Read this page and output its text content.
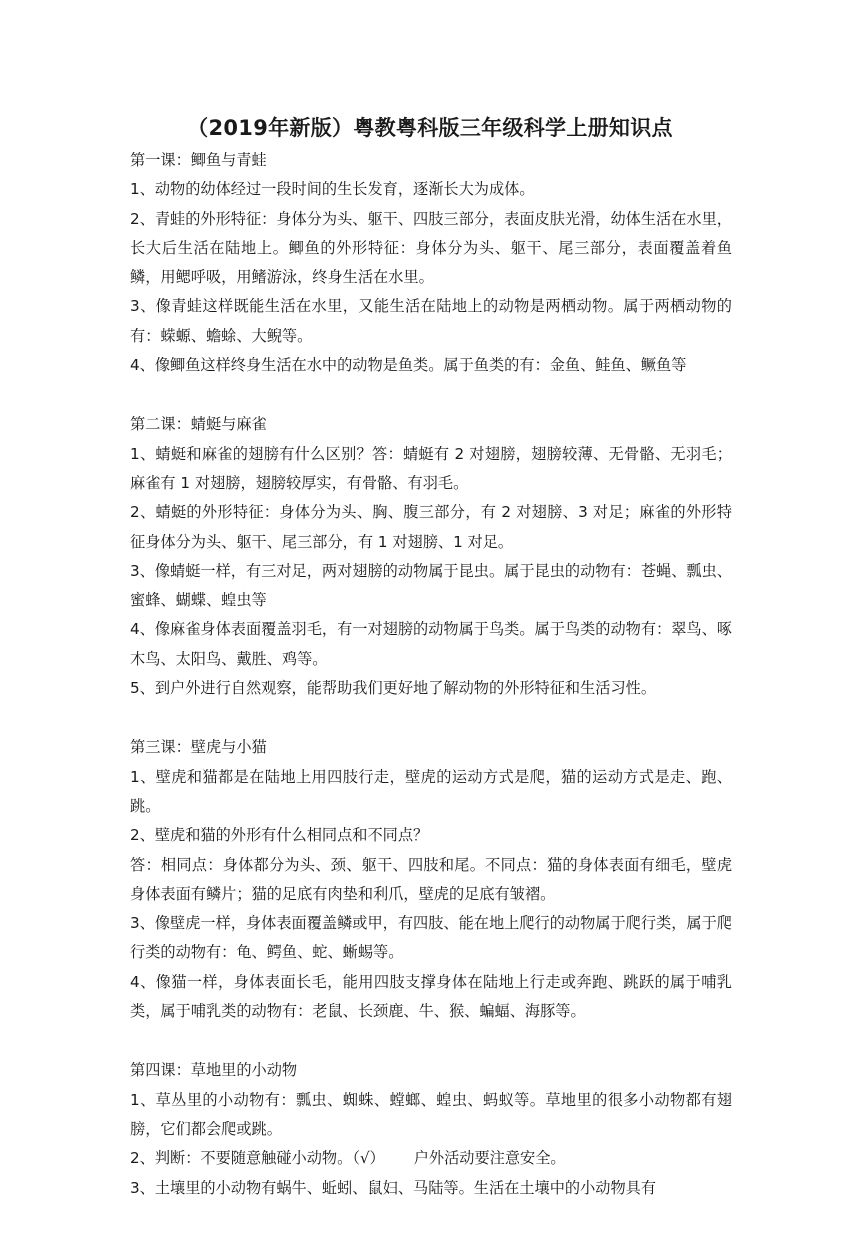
（2019年新版）粤教粤科版三年级科学上册知识点

第一课：鲫鱼与青蛙

1、动物的幼体经过一段时间的生长发育，逐渐长大为成体。

2、青蛙的外形特征：身体分为头、躯干、四肢三部分，表面皮肤光滑，幼体生活在水里，长大后生活在陆地上。鲫鱼的外形特征：身体分为头、躯干、尾三部分，表面覆盖着鱼鳞，用鳃呼吸，用鳍游泳，终身生活在水里。

3、像青蛙这样既能生活在水里，又能生活在陆地上的动物是两栖动物。属于两栖动物的有：蝾螈、蟾蜍、大鲵等。

4、像鲫鱼这样终身生活在水中的动物是鱼类。属于鱼类的有：金鱼、鲑鱼、鳜鱼等

第二课：蜻蜓与麻雀

1、蜻蜓和麻雀的翅膀有什么区别？答：蜻蜓有 2 对翅膀，翅膀较薄、无骨骼、无羽毛；麻雀有 1 对翅膀，翅膀较厚实，有骨骼、有羽毛。

2、蜻蜓的外形特征：身体分为头、胸、腹三部分，有 2 对翅膀、3 对足；麻雀的外形特征身体分为头、躯干、尾三部分，有 1 对翅膀、1 对足。

3、像蜻蜓一样，有三对足，两对翅膀的动物属于昆虫。属于昆虫的动物有：苍蝇、瓢虫、蜜蜂、蝴蝶、蝗虫等

4、像麻雀身体表面覆盖羽毛，有一对翅膀的动物属于鸟类。属于鸟类的动物有：翠鸟、啄木鸟、太阳鸟、戴胜、鸡等。

5、到户外进行自然观察，能帮助我们更好地了解动物的外形特征和生活习性。

第三课：壁虎与小猫

1、壁虎和猫都是在陆地上用四肢行走，壁虎的运动方式是爬，猫的运动方式是走、跑、跳。

2、壁虎和猫的外形有什么相同点和不同点？

答：相同点：身体都分为头、颈、躯干、四肢和尾。不同点：猫的身体表面有细毛，壁虎身体表面有鳞片；猫的足底有肉垫和利爪，壁虎的足底有皱褶。

3、像壁虎一样，身体表面覆盖鳞或甲，有四肢、能在地上爬行的动物属于爬行类，属于爬行类的动物有：龟、鳄鱼、蛇、蜥蜴等。

4、像猫一样，身体表面长毛，能用四肢支撑身体在陆地上行走或奔跑、跳跃的属于哺乳类，属于哺乳类的动物有：老鼠、长颈鹿、牛、猴、蝙蝠、海豚等。

第四课：草地里的小动物

1、草丛里的小动物有：瓢虫、蜘蛛、螳螂、蝗虫、蚂蚁等。草地里的很多小动物都有翅膀，它们都会爬或跳。

2、判断：不要随意触碰小动物。（√）      户外活动要注意安全。

3、土壤里的小动物有蜗牛、蚯蚓、鼠妇、马陆等。生活在土壤中的小动物具有
